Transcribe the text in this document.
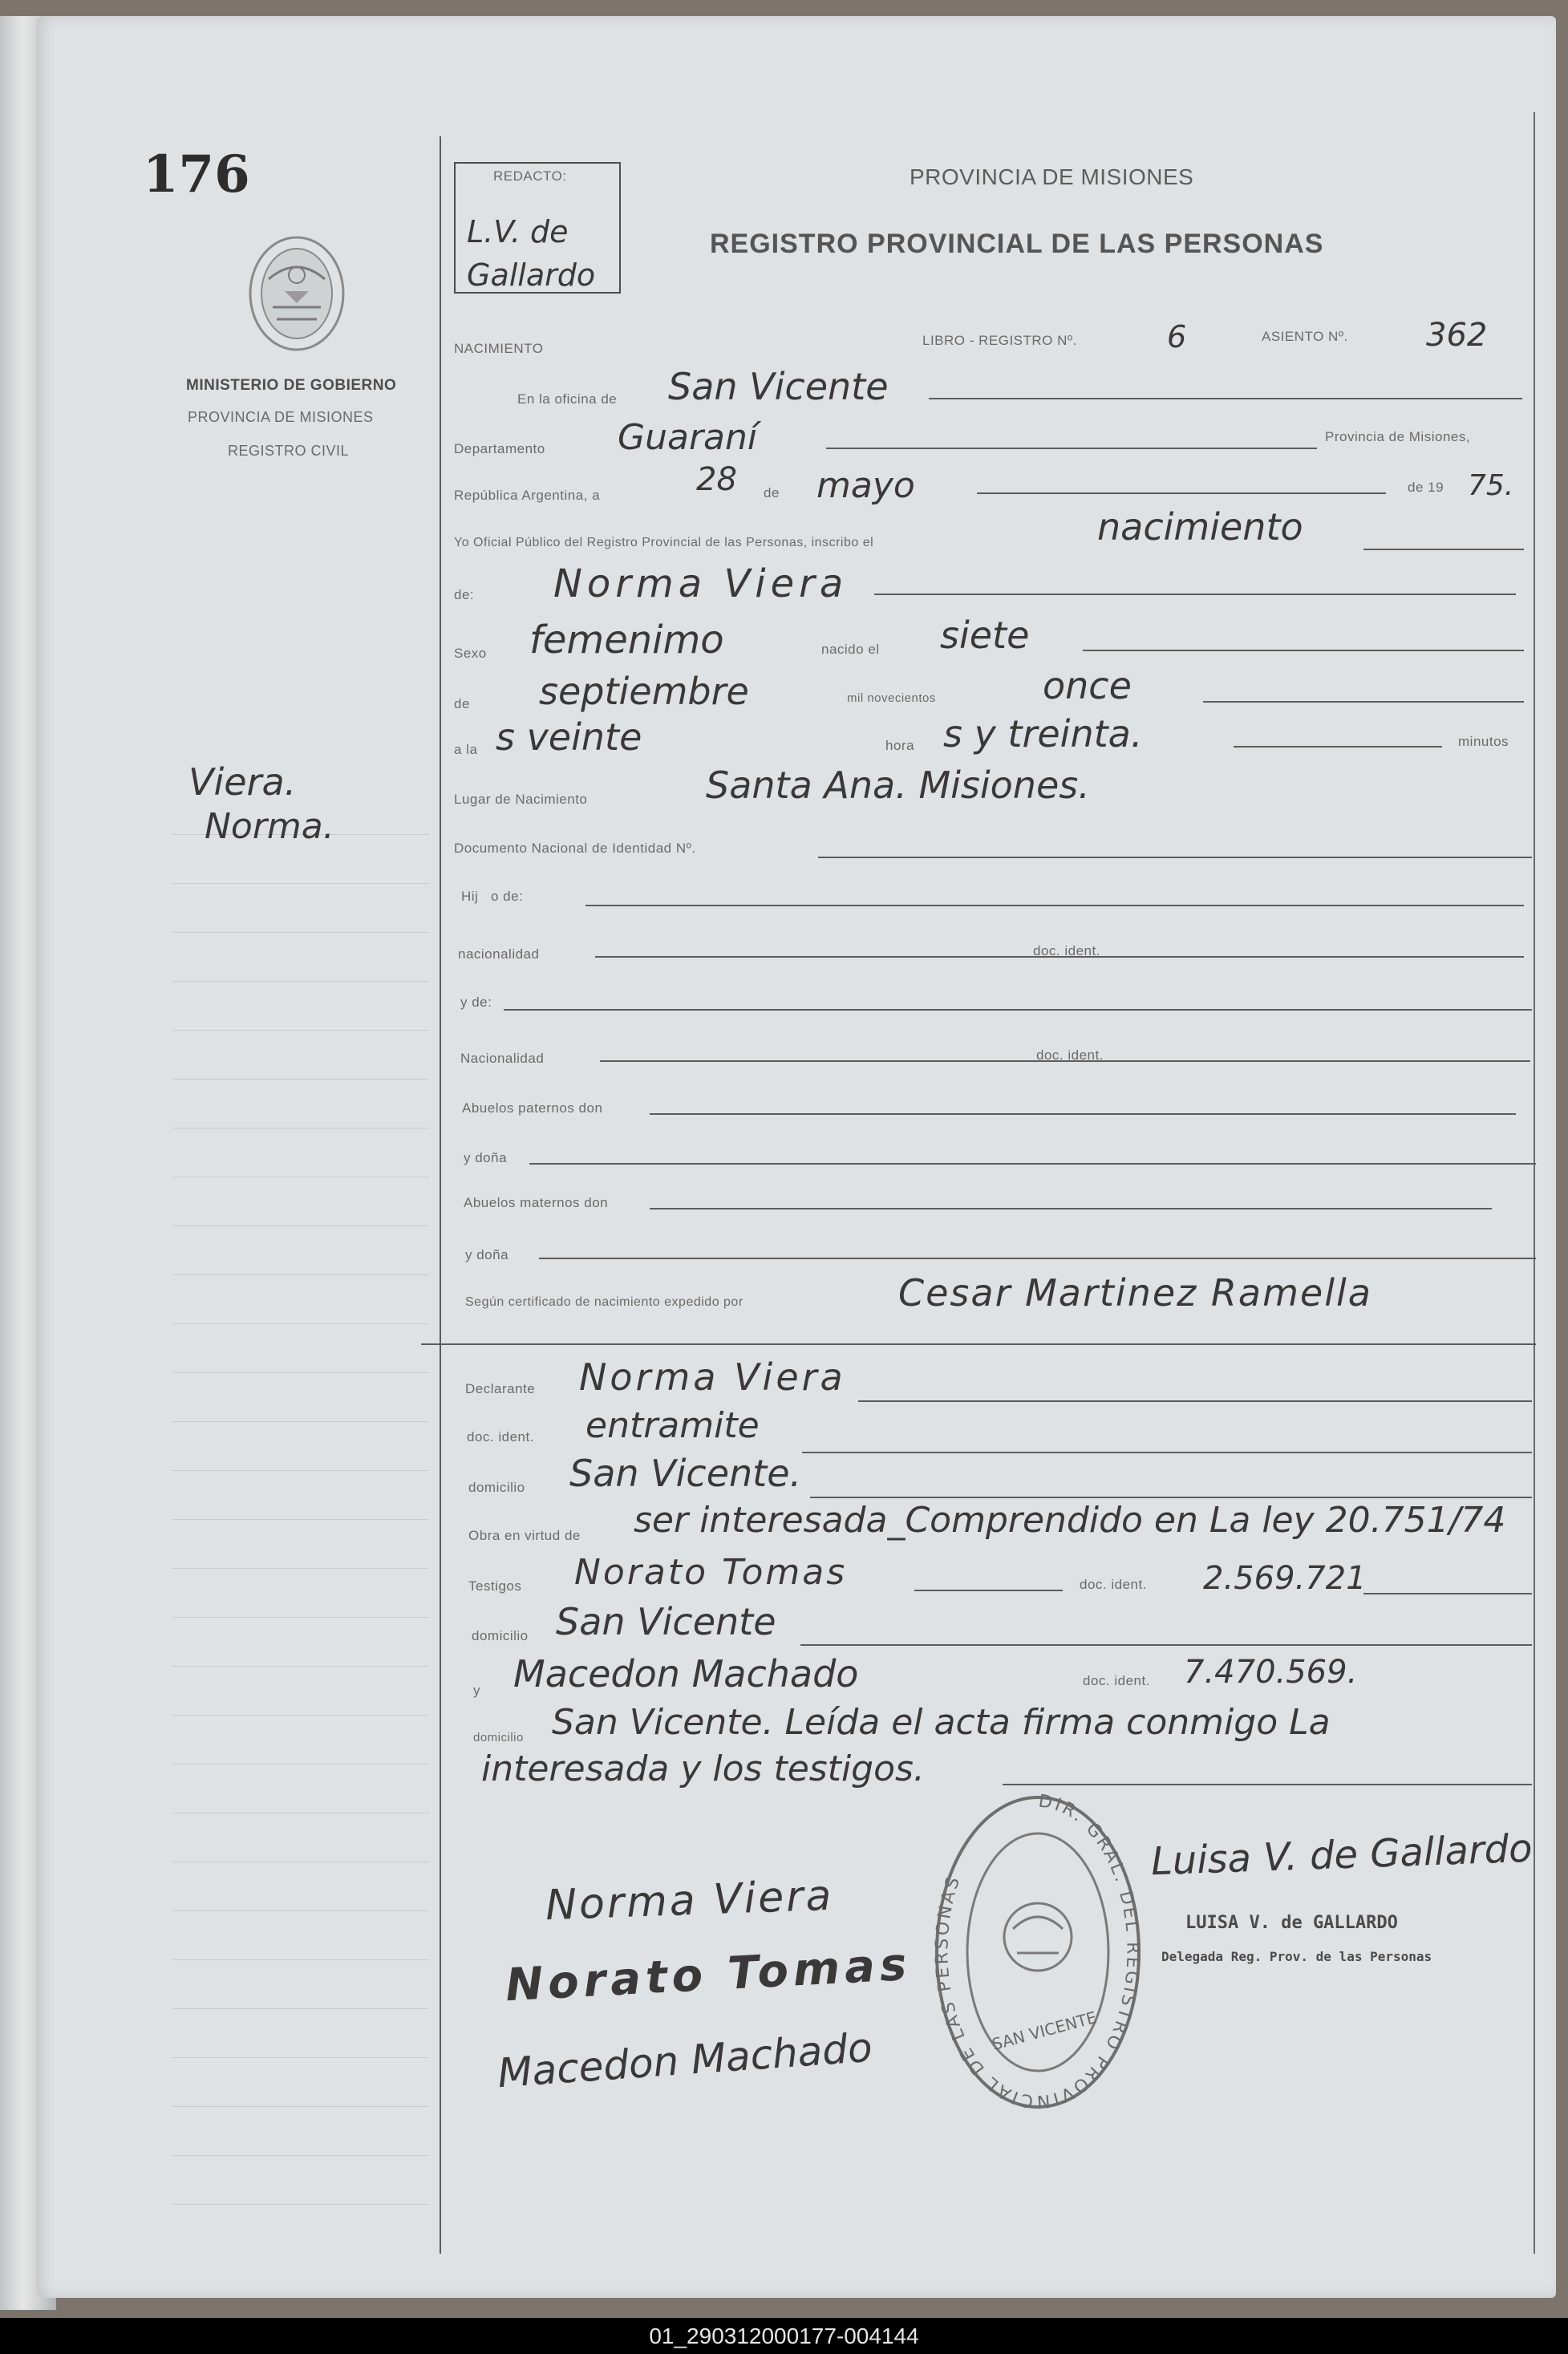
176
MINISTERIO DE GOBIERNO
PROVINCIA DE MISIONES
REGISTRO CIVIL
REDACTO:
L.V. de Gallardo
PROVINCIA DE MISIONES
REGISTRO PROVINCIAL DE LAS PERSONAS
NACIMIENTO
LIBRO - REGISTRO Nº.	6	ASIENTO Nº. 362
En la oficina de San Vicente
Departamento Guaraní	Provincia de Misiones,
República Argentina, a	28 de mayo	de 19 75.
Yo Oficial Público del Registro Provincial de las Personas, inscribo el	nacimiento
de: Norma Viera
Sexo femenimo	nacido el siete
de septiembre	mil novecientos	once
a la s veinte	hora s y treinta.	minutos
Lugar de Nacimiento	Santa Ana. Misiones.
Documento Nacional de Identidad Nº.
Hij   o de:
nacionalidad	doc. ident.
y de:
Nacionalidad	doc. ident.
Abuelos paternos don
y doña
Abuelos maternos don
y doña
Según certificado de nacimiento expedido por	Cesar Martinez Ramella
Declarante Norma Viera
doc. ident. entramite
domicilio San Vicente.
Obra en virtud de ser interesada_Comprendido en La ley 20.751/74
Testigos Norato Tomas	doc. ident. 2.569.721
domicilio San Vicente
y Macedon Machado	doc. ident. 7.470.569.
domicilio San Vicente. Leída el acta firma conmigo La
interesada y los testigos.
Viera.
Norma.
Norma Viera
Norato Tomas
Macedon Machado
Luisa V. de Gallardo
LUISA V. de GALLARDO
Delegada Reg. Prov. de las Personas
DIR. GRAL. DEL REGISTRO PROVINCIAL DE LAS PERSONAS
SAN VICENTE
01_290312000177-004144
